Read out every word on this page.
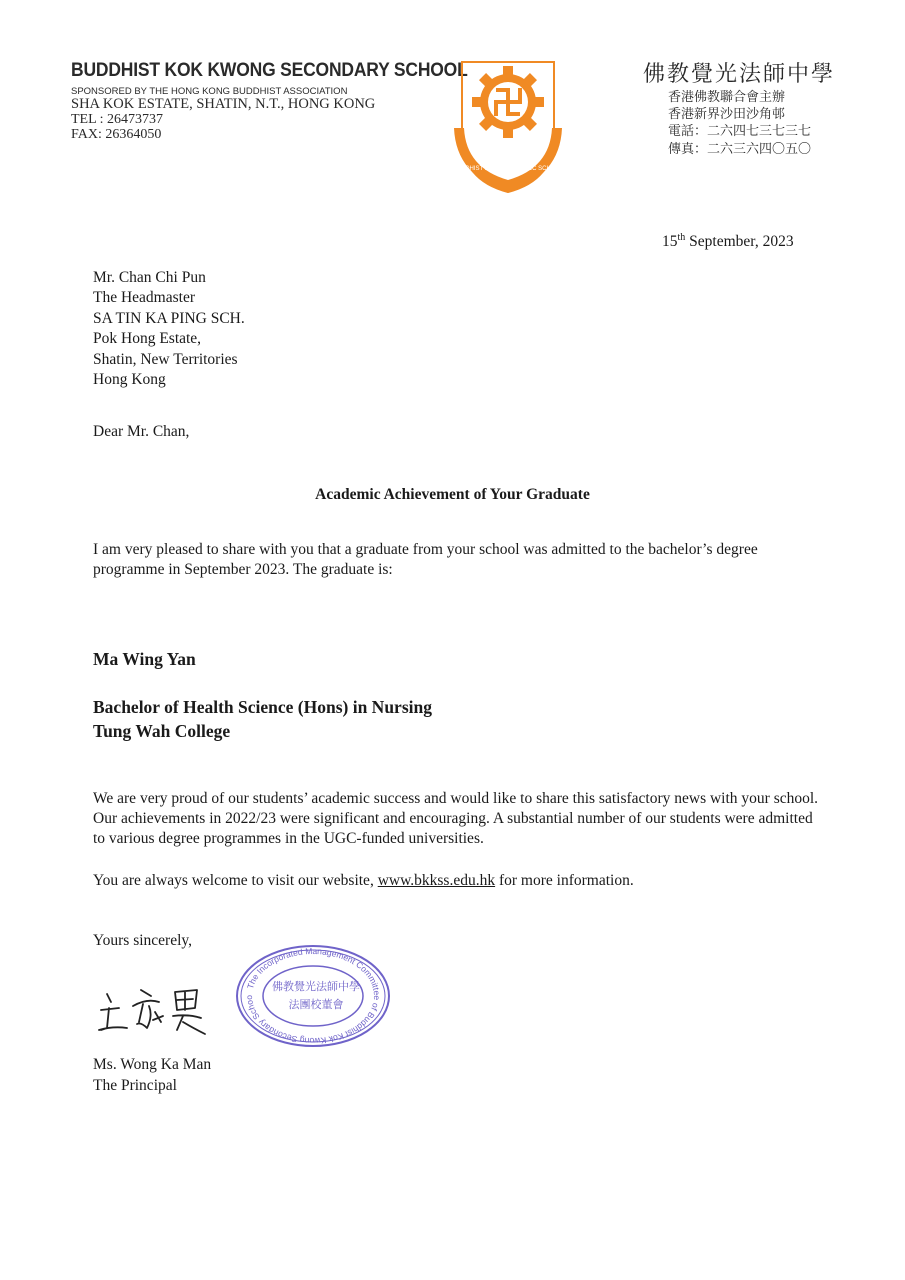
BUDDHIST KOK KWONG SECONDARY SCHOOL
SPONSORED BY THE HONG KONG BUDDHIST ASSOCIATION
SHA KOK ESTATE, SHATIN, N.T., HONG KONG
TEL : 26473737
FAX: 26364050
BUDDHIST KOK KWONG SEC SCHOOL
佛教覺光法師中學
香港佛教聯合會主辦
香港新界沙田沙角邨
電話：二六四七三七三七
傳真：二六三六四〇五〇
15th September, 2023
Mr. Chan Chi Pun
The Headmaster
SA TIN KA PING SCH.
Pok Hong Estate,
Shatin, New Territories
Hong Kong
Dear Mr. Chan,
Academic Achievement of Your Graduate
I am very pleased to share with you that a graduate from your school was admitted to the bachelor’s degree programme in September 2023. The graduate is:
Ma Wing Yan
Bachelor of Health Science (Hons) in Nursing
Tung Wah College
We are very proud of our students’ academic success and would like to share this satisfactory news with your school. Our achievements in 2022/23 were significant and encouraging. A substantial number of our students were admitted to various degree programmes in the UGC-funded universities.
You are always welcome to visit our website, www.bkkss.edu.hk for more information.
Yours sincerely,
The Incorporated Management Committee of Buddhist Kok Kwong Secondary Schoo
佛教覺光法師中學
法團校董會
Ms. Wong Ka Man
The Principal
